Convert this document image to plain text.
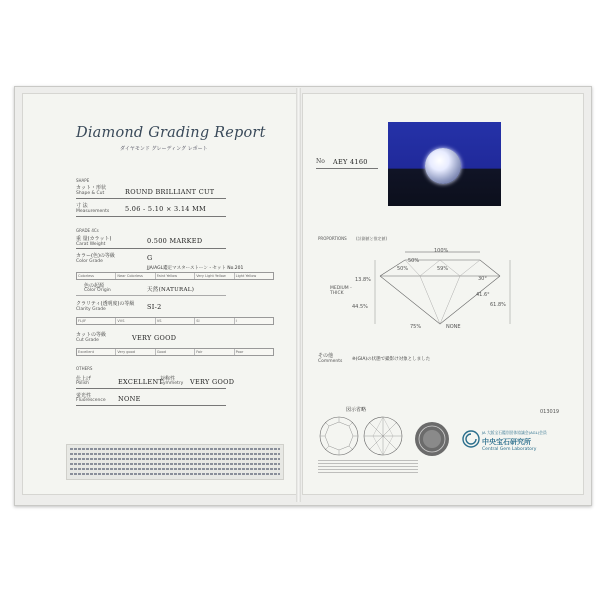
Diamond Grading Report
ダイヤモンド グレーディング レポート
SHAPE
カット・形状
Shape & Cut	ROUND BRILLIANT CUT
寸 法
Measurements 5.06 - 5.10 × 3.14 MM
GRADE 4Cs
重 量(カラット)
Carat Weight	0.500 MARKED
カラー(色)の等級
Color Grade	G
JJA/AGL鑑定マスターストーン・セット No.201
Colorless	Near Colorless	Faint Yellow	Very Light Yellow	Light Yellow
色の起源
Color Origin	天然(NATURAL)
クラリティ(透明度)の等級
Clarity Grade	SI-2
FL/IF	VVS	VS	SI	I
カットの等級
Cut Grade	VERY GOOD
Excellent	Very good	Good	Fair	Poor
OTHERS
仕上げ
Polish	EXCELLENT
対称性
Symmetry VERY GOOD
蛍光性
Fluorescence NONE
No AEY 4160
PROPORTIONS (計測値と推定値)
100%
50%
50%	59%
13.8%	30°
41.6°
MEDIUM - THICK
44.5%	61.8%
75%	NONE
その他
Comments ※(GIA)の状態で撮影け対象としました
図示省略	013019
JA 大阪宝石鑑別団体協議会(AGL)会員
中央宝石研究所
Central Gem Laboratory
